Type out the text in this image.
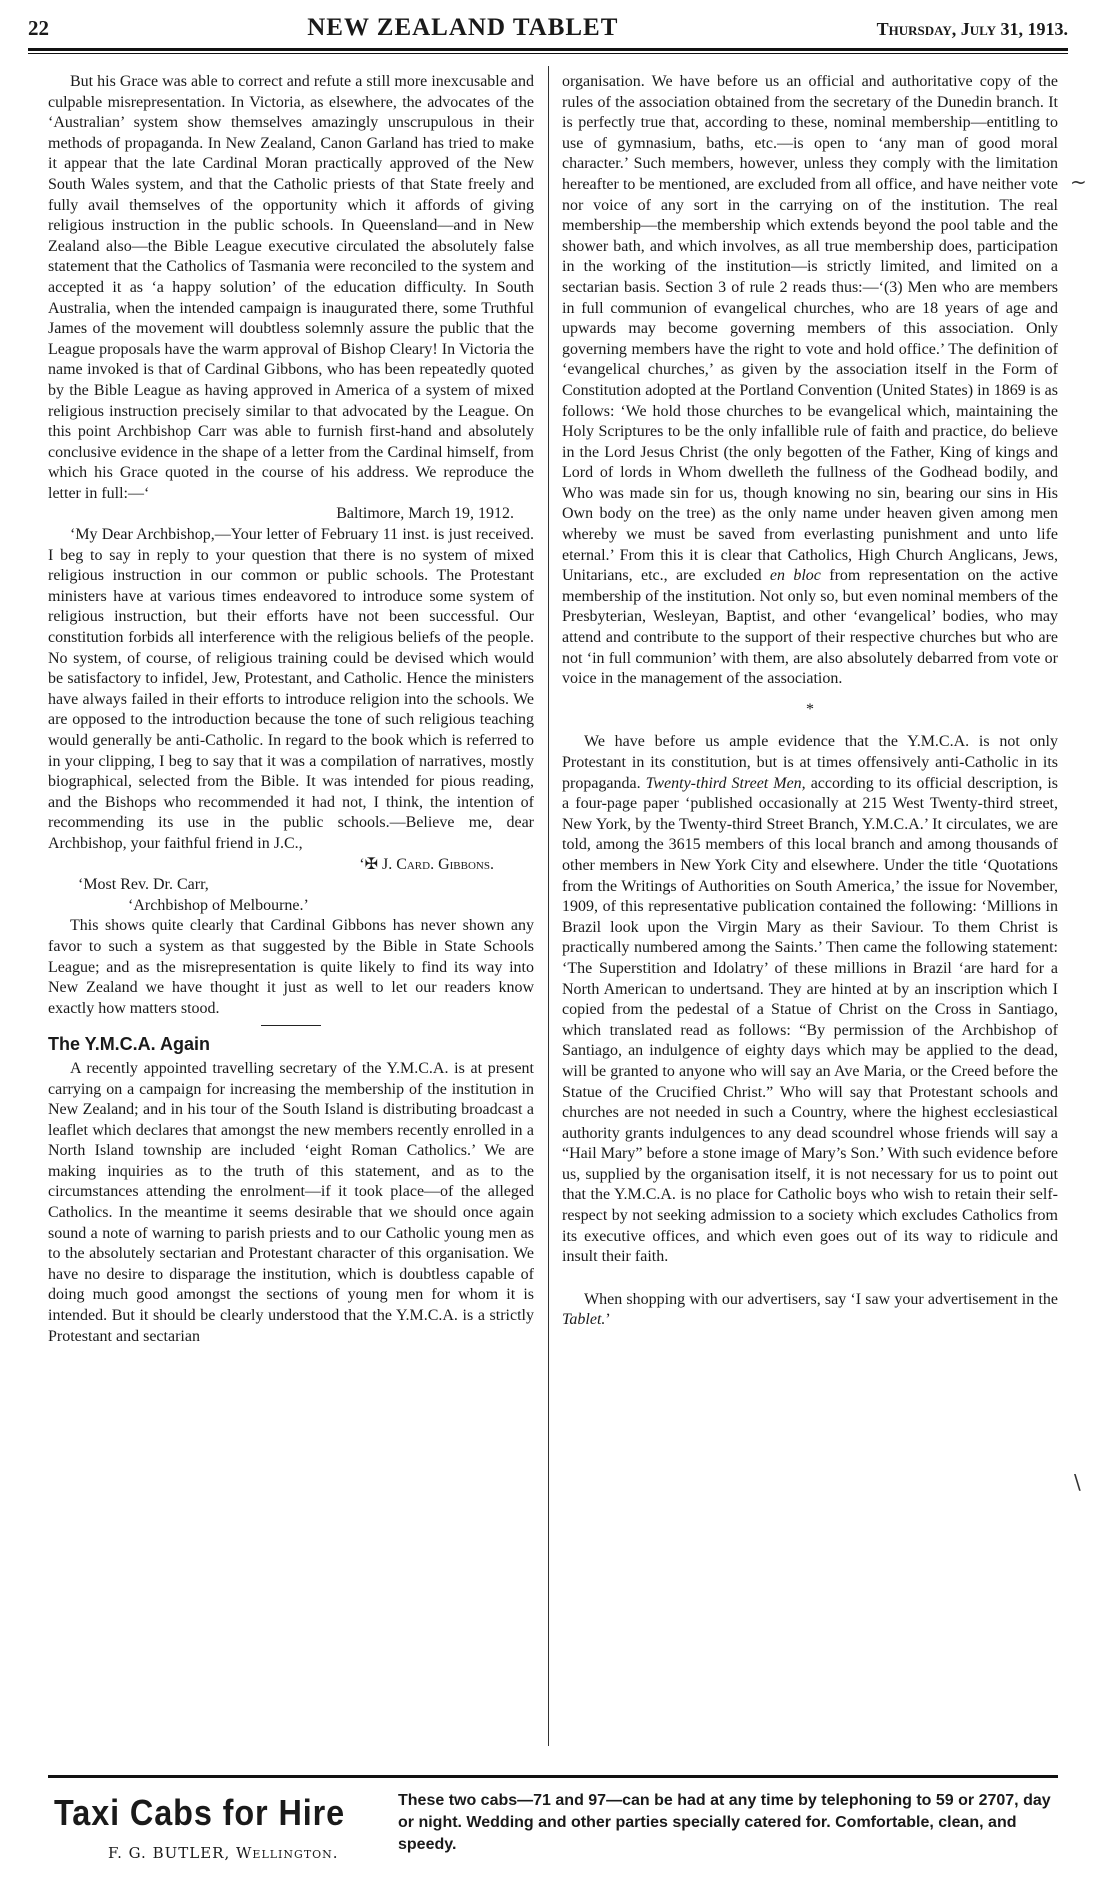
22	NEW ZEALAND TABLET	Thursday, July 31, 1913.

But his Grace was able to correct and refute a still more inexcusable and culpable misrepresentation. In Victoria, as elsewhere, the advocates of the ‘Australian’ system show themselves amazingly unscrupulous in their methods of propaganda. In New Zealand, Canon Garland has tried to make it appear that the late Cardinal Moran practically approved of the New South Wales system, and that the Catholic priests of that State freely and fully avail themselves of the opportunity which it affords of giving religious instruction in the public schools. In Queensland—and in New Zealand also—the Bible League executive circulated the absolutely false statement that the Catholics of Tasmania were reconciled to the system and accepted it as ‘a happy solution’ of the education difficulty. In South Australia, when the intended campaign is inaugurated there, some Truthful James of the movement will doubtless solemnly assure the public that the League proposals have the warm approval of Bishop Cleary! In Victoria the name invoked is that of Cardinal Gibbons, who has been repeatedly quoted by the Bible League as having approved in America of a system of mixed religious instruction precisely similar to that advocated by the League. On this point Archbishop Carr was able to furnish first-hand and absolutely conclusive evidence in the shape of a letter from the Cardinal himself, from which his Grace quoted in the course of his address. We reproduce the letter in full:—‘

Baltimore, March 19, 1912.

‘My Dear Archbishop,—Your letter of February 11 inst. is just received. I beg to say in reply to your question that there is no system of mixed religious instruction in our common or public schools. The Protestant ministers have at various times endeavored to introduce some system of religious instruction, but their efforts have not been successful. Our constitution forbids all interference with the religious beliefs of the people. No system, of course, of religious training could be devised which would be satisfactory to infidel, Jew, Protestant, and Catholic. Hence the ministers have always failed in their efforts to introduce religion into the schools. We are opposed to the introduction because the tone of such religious teaching would generally be anti-Catholic. In regard to the book which is referred to in your clipping, I beg to say that it was a compilation of narratives, mostly biographical, selected from the Bible. It was intended for pious reading, and the Bishops who recommended it had not, I think, the intention of recommending its use in the public schools.—Believe me, dear Archbishop, your faithful friend in J.C.,

‘✠ J. Card. Gibbons.

‘Most Rev. Dr. Carr,

‘Archbishop of Melbourne.’

This shows quite clearly that Cardinal Gibbons has never shown any favor to such a system as that suggested by the Bible in State Schools League; and as the misrepresentation is quite likely to find its way into New Zealand we have thought it just as well to let our readers know exactly how matters stood.

The Y.M.C.A. Again

A recently appointed travelling secretary of the Y.M.C.A. is at present carrying on a campaign for increasing the membership of the institution in New Zealand; and in his tour of the South Island is distributing broadcast a leaflet which declares that amongst the new members recently enrolled in a North Island township are included ‘eight Roman Catholics.’ We are making inquiries as to the truth of this statement, and as to the circumstances attending the enrolment—if it took place—of the alleged Catholics. In the meantime it seems desirable that we should once again sound a note of warning to parish priests and to our Catholic young men as to the absolutely sectarian and Protestant character of this organisation. We have no desire to disparage the institution, which is doubtless capable of doing much good amongst the sections of young men for whom it is intended. But it should be clearly understood that the Y.M.C.A. is a strictly Protestant and sectarian

organisation. We have before us an official and authoritative copy of the rules of the association obtained from the secretary of the Dunedin branch. It is perfectly true that, according to these, nominal membership—entitling to use of gymnasium, baths, etc.—is open to ‘any man of good moral character.’ Such members, however, unless they comply with the limitation hereafter to be mentioned, are excluded from all office, and have neither vote nor voice of any sort in the carrying on of the institution. The real membership—the membership which extends beyond the pool table and the shower bath, and which involves, as all true membership does, participation in the working of the institution—is strictly limited, and limited on a sectarian basis. Section 3 of rule 2 reads thus:—‘(3) Men who are members in full communion of evangelical churches, who are 18 years of age and upwards may become governing members of this association. Only governing members have the right to vote and hold office.’ The definition of ‘evangelical churches,’ as given by the association itself in the Form of Constitution adopted at the Portland Convention (United States) in 1869 is as follows: ‘We hold those churches to be evangelical which, maintaining the Holy Scriptures to be the only infallible rule of faith and practice, do believe in the Lord Jesus Christ (the only begotten of the Father, King of kings and Lord of lords in Whom dwelleth the fullness of the Godhead bodily, and Who was made sin for us, though knowing no sin, bearing our sins in His Own body on the tree) as the only name under heaven given among men whereby we must be saved from everlasting punishment and unto life eternal.’ From this it is clear that Catholics, High Church Anglicans, Jews, Unitarians, etc., are excluded en bloc from representation on the active membership of the institution. Not only so, but even nominal members of the Presbyterian, Wesleyan, Baptist, and other ‘evangelical’ bodies, who may attend and contribute to the support of their respective churches but who are not ‘in full communion’ with them, are also absolutely debarred from vote or voice in the management of the association.

*

We have before us ample evidence that the Y.M.C.A. is not only Protestant in its constitution, but is at times offensively anti-Catholic in its propaganda. Twenty-third Street Men, according to its official description, is a four-page paper ‘published occasionally at 215 West Twenty-third street, New York, by the Twenty-third Street Branch, Y.M.C.A.’ It circulates, we are told, among the 3615 members of this local branch and among thousands of other members in New York City and elsewhere. Under the title ‘Quotations from the Writings of Authorities on South America,’ the issue for November, 1909, of this representative publication contained the following: ‘Millions in Brazil look upon the Virgin Mary as their Saviour. To them Christ is practically numbered among the Saints.’ Then came the following statement: ‘The Superstition and Idolatry’ of these millions in Brazil ‘are hard for a North American to undertsand. They are hinted at by an inscription which I copied from the pedestal of a Statue of Christ on the Cross in Santiago, which translated read as follows: “By permission of the Archbishop of Santiago, an indulgence of eighty days which may be applied to the dead, will be granted to anyone who will say an Ave Maria, or the Creed before the Statue of the Crucified Christ.” Who will say that Protestant schools and churches are not needed in such a Country, where the highest ecclesiastical authority grants indulgences to any dead scoundrel whose friends will say a “Hail Mary” before a stone image of Mary’s Son.’ With such evidence before us, supplied by the organisation itself, it is not necessary for us to point out that the Y.M.C.A. is no place for Catholic boys who wish to retain their self-respect by not seeking admission to a society which excludes Catholics from its executive offices, and which even goes out of its way to ridicule and insult their faith.

When shopping with our advertisers, say ‘I saw your advertisement in the Tablet.’

~
\
Taxi Cabs for Hire	These two cabs—71 and 97—can be had at any time by telephoning to 59 or 2707, day or night. Wedding and other parties specially catered for. Comfortable, clean, and speedy.
F. G. BUTLER, Wellington.
